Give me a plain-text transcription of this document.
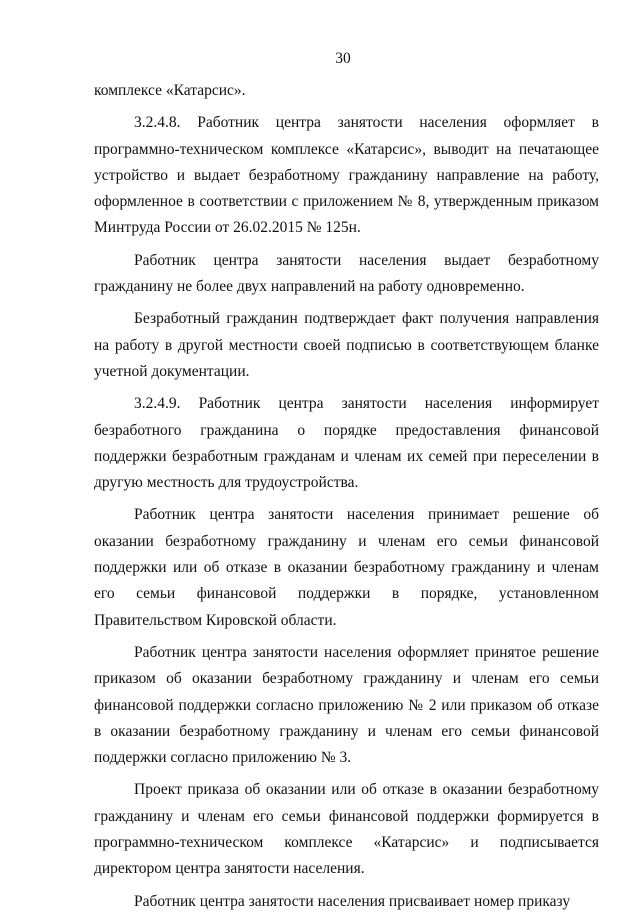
30

комплексе «Катарсис».

3.2.4.8. Работник центра занятости населения оформляет в программно-техническом комплексе «Катарсис», выводит на печатающее устройство и выдает безработному гражданину направление на работу, оформленное в соответствии с приложением № 8, утвержденным приказом Минтруда России от 26.02.2015 № 125н.

Работник центра занятости населения выдает безработному гражданину не более двух направлений на работу одновременно.

Безработный гражданин подтверждает факт получения направления на работу в другой местности своей подписью в соответствующем бланке учетной документации.

3.2.4.9. Работник центра занятости населения информирует безработного гражданина о порядке предоставления финансовой поддержки безработным гражданам и членам их семей при переселении в другую местность для трудоустройства.

Работник центра занятости населения принимает решение об оказании безработному гражданину и членам его семьи финансовой поддержки или об отказе в оказании безработному гражданину и членам его семьи финансовой поддержки в порядке, установленном Правительством Кировской области.

Работник центра занятости населения оформляет принятое решение приказом об оказании безработному гражданину и членам его семьи финансовой поддержки согласно приложению № 2 или приказом об отказе в оказании безработному гражданину и членам его семьи финансовой поддержки согласно приложению № 3.

Проект приказа об оказании или об отказе в оказании безработному гражданину и членам его семьи финансовой поддержки формируется в программно-техническом комплексе «Катарсис» и подписывается директором центра занятости населения.

Работник центра занятости населения присваивает номер приказу
